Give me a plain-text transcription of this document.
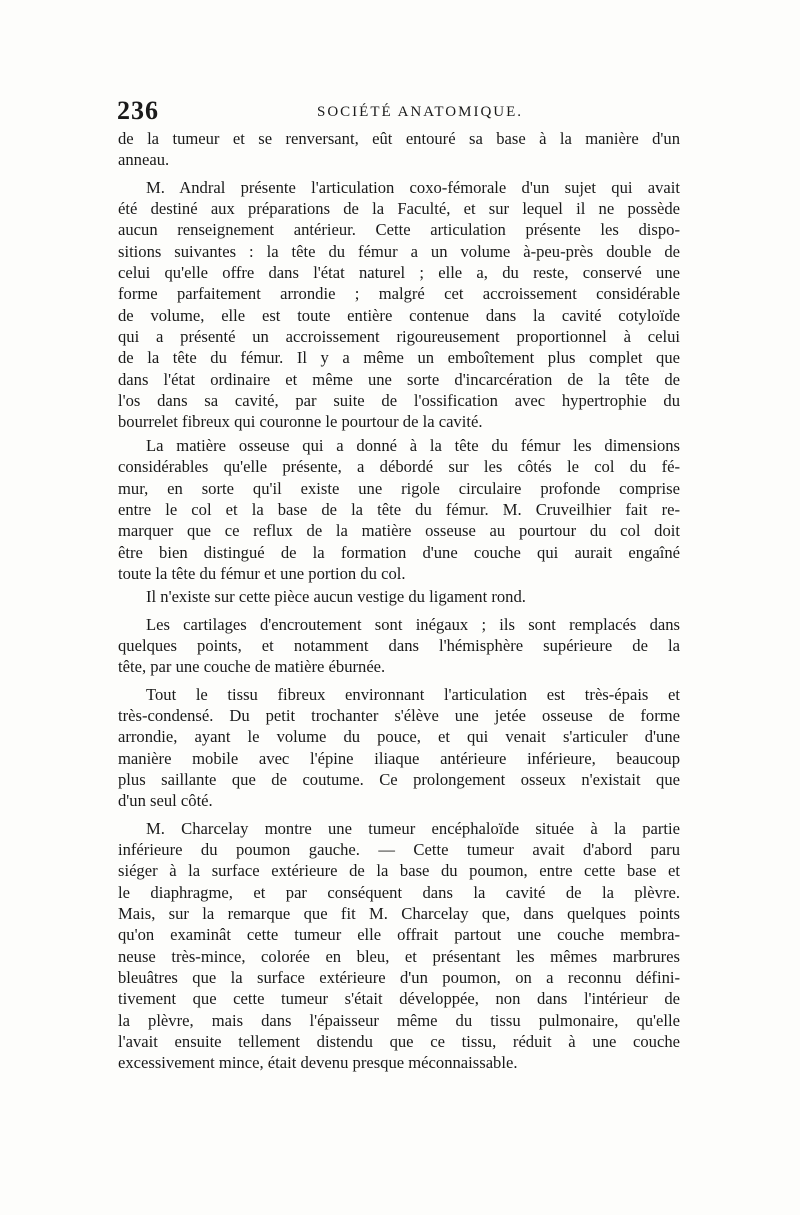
236	SOCIÉTÉ ANATOMIQUE.
de la tumeur et se renversant, eût entouré sa base à la manière d'un
anneau.
M. Andral présente l'articulation coxo-fémorale d'un sujet qui avait
été destiné aux préparations de la Faculté, et sur lequel il ne possède
aucun renseignement antérieur. Cette articulation présente les dispo-
sitions suivantes : la tête du fémur a un volume à-peu-près double de
celui qu'elle offre dans l'état naturel ; elle a, du reste, conservé une
forme parfaitement arrondie ; malgré cet accroissement considérable
de volume, elle est toute entière contenue dans la cavité cotyloïde
qui a présenté un accroissement rigoureusement proportionnel à celui
de la tête du fémur. Il y a même un emboîtement plus complet que
dans l'état ordinaire et même une sorte d'incarcération de la tête de
l'os dans sa cavité, par suite de l'ossification avec hypertrophie du
bourrelet fibreux qui couronne le pourtour de la cavité.
La matière osseuse qui a donné à la tête du fémur les dimensions
considérables qu'elle présente, a débordé sur les côtés le col du fé-
mur, en sorte qu'il existe une rigole circulaire profonde comprise
entre le col et la base de la tête du fémur. M. Cruveilhier fait re-
marquer que ce reflux de la matière osseuse au pourtour du col doit
être bien distingué de la formation d'une couche qui aurait engaîné
toute la tête du fémur et une portion du col.
Il n'existe sur cette pièce aucun vestige du ligament rond.
Les cartilages d'encroutement sont inégaux ; ils sont remplacés dans
quelques points, et notamment dans l'hémisphère supérieure de la
tête, par une couche de matière éburnée.
Tout le tissu fibreux environnant l'articulation est très-épais et
très-condensé. Du petit trochanter s'élève une jetée osseuse de forme
arrondie, ayant le volume du pouce, et qui venait s'articuler d'une
manière mobile avec l'épine iliaque antérieure inférieure, beaucoup
plus saillante que de coutume. Ce prolongement osseux n'existait que
d'un seul côté.
M. Charcelay montre une tumeur encéphaloïde située à la partie
inférieure du poumon gauche. — Cette tumeur avait d'abord paru
siéger à la surface extérieure de la base du poumon, entre cette base et
le diaphragme, et par conséquent dans la cavité de la plèvre.
Mais, sur la remarque que fit M. Charcelay que, dans quelques points
qu'on examinât cette tumeur elle offrait partout une couche membra-
neuse très-mince, colorée en bleu, et présentant les mêmes marbrures
bleuâtres que la surface extérieure d'un poumon, on a reconnu défini-
tivement que cette tumeur s'était développée, non dans l'intérieur de
la plèvre, mais dans l'épaisseur même du tissu pulmonaire, qu'elle
l'avait ensuite tellement distendu que ce tissu, réduit à une couche
excessivement mince, était devenu presque méconnaissable.
